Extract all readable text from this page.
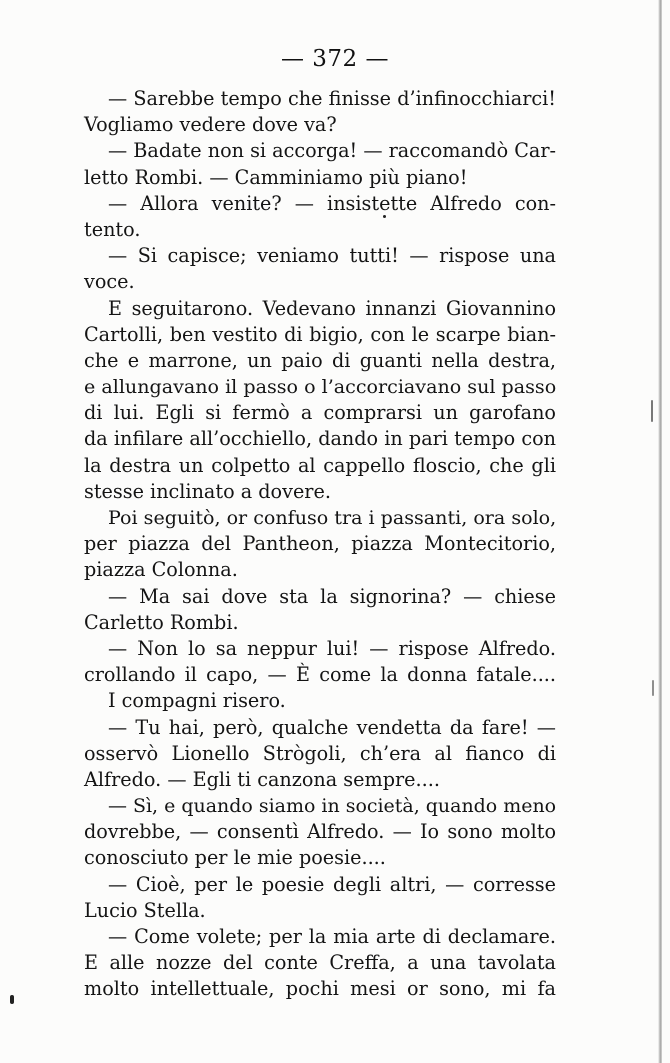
— 372 —
— Sarebbe tempo che finisse d’infinocchiarci!
Vogliamo vedere dove va?
— Badate non si accorga! — raccomandò Car-
letto Rombi. — Camminiamo più piano!
— Allora venite? — insistette Alfredo con-
tento.
— Si capisce; veniamo tutti! — rispose una
voce.
E seguitarono. Vedevano innanzi Giovannino
Cartolli, ben vestito di bigio, con le scarpe bian-
che e marrone, un paio di guanti nella destra,
e allungavano il passo o l’accorciavano sul passo
di lui. Egli si fermò a comprarsi un garofano
da infilare all’occhiello, dando in pari tempo con
la destra un colpetto al cappello floscio, che gli
stesse inclinato a dovere.
Poi seguitò, or confuso tra i passanti, ora solo,
per piazza del Pantheon, piazza Montecitorio,
piazza Colonna.
— Ma sai dove sta la signorina? — chiese
Carletto Rombi.
— Non lo sa neppur lui! — rispose Alfredo.
crollando il capo, — È come la donna fatale....
I compagni risero.
— Tu hai, però, qualche vendetta da fare! —
osservò Lionello Strògoli, ch’era al fianco di
Alfredo. — Egli ti canzona sempre....
— Sì, e quando siamo in società, quando meno
dovrebbe, — consentì Alfredo. — Io sono molto
conosciuto per le mie poesie....
— Cioè, per le poesie degli altri, — corresse
Lucio Stella.
— Come volete; per la mia arte di declamare.
E alle nozze del conte Creffa, a una tavolata
molto intellettuale, pochi mesi or sono, mi fa
